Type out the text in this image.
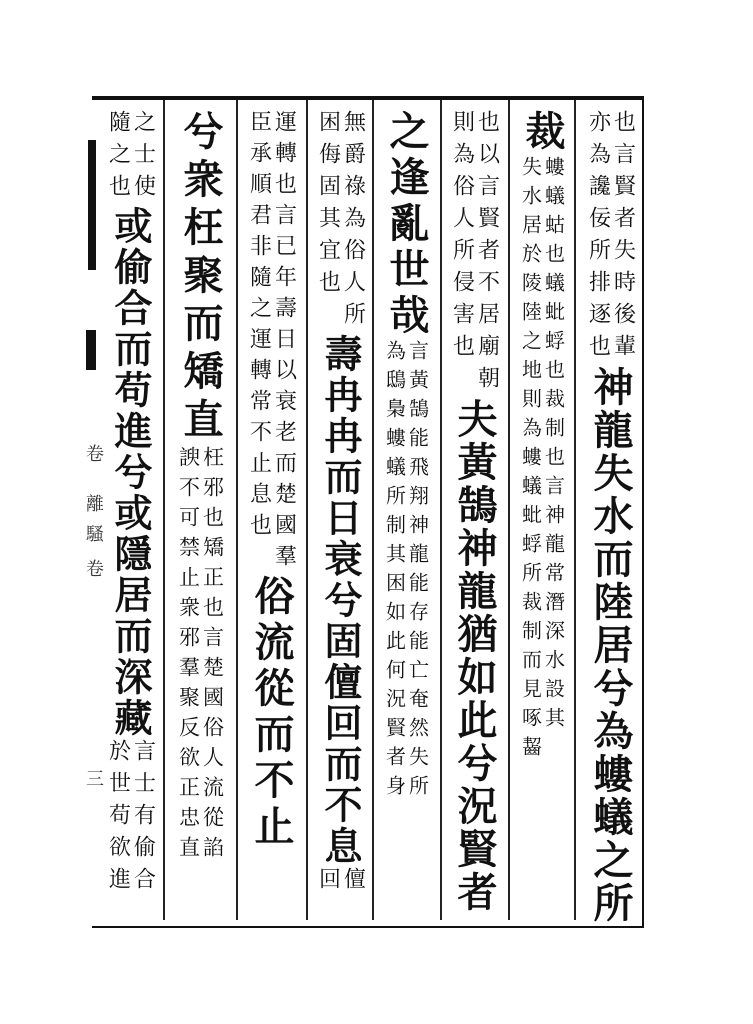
也言賢者失時後輩
亦為讒佞所排逐也
神龍失水而陸居兮為螻蟻之所
裁
螻蟻蛄也蟻蚍蜉也裁制也言神龍常潛深水設其
失水居於陵陸之地則為螻蟻蚍蜉所裁制而見啄齧
也以言賢者不居廟朝
則為俗人所侵害也
夫黃鵠神龍猶如此兮況賢者
之逢亂世哉
言黃鵠能飛翔神龍能存能亡奄然失所
為鴟梟螻蟻所制其困如此何況賢者身
無爵祿為俗人所
困侮固其宜也
壽冉冉而日衰兮固儃回而不息
儃
回
運轉也言已年壽日以衰老而楚國羣
臣承順君非隨之運轉常不止息也
俗流從而不止
兮衆枉聚而矯直
枉邪也矯正也言楚國俗人流從諂
諛不可禁止衆邪羣聚反欲正忠直
之士使
隨之也
或偷合而苟進兮或隱居而深藏
言士有偷合
於世苟欲進
卷
離
騷
卷
三
